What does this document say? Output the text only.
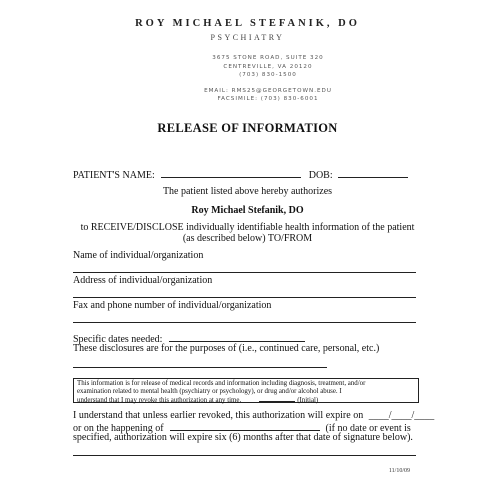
ROY MICHAEL STEFANIK, DO
PSYCHIATRY
3675 STONE ROAD, SUITE 320
CENTREVILLE, VA 20120
(703) 830-1500
EMAIL: RMS25@GEORGETOWN.EDU
FACSIMILE: (703) 830-6001
RELEASE OF INFORMATION
PATIENT'S NAME:	DOB:
The patient listed above hereby authorizes
Roy Michael Stefanik, DO
to RECEIVE/DISCLOSE individually identifiable health information of the patient
(as described below) TO/FROM
Name of individual/organization
Address of individual/organization
Fax and phone number of individual/organization
Specific dates needed:
These disclosures are for the purposes of (i.e., continued care, personal, etc.)
This information is for release of medical records and information including diagnosis, treatment, and/or
examination related to mental health (psychiatry or psychology), or drug and/or alcohol abuse. I
understand that I may revoke this authorization at any time.	(Initial)
I understand that unless earlier revoked, this authorization will expire on ____/____/____
or on the happening of	(if no date or event is
specified, authorization will expire six (6) months after that date of signature below).
11/10/09
